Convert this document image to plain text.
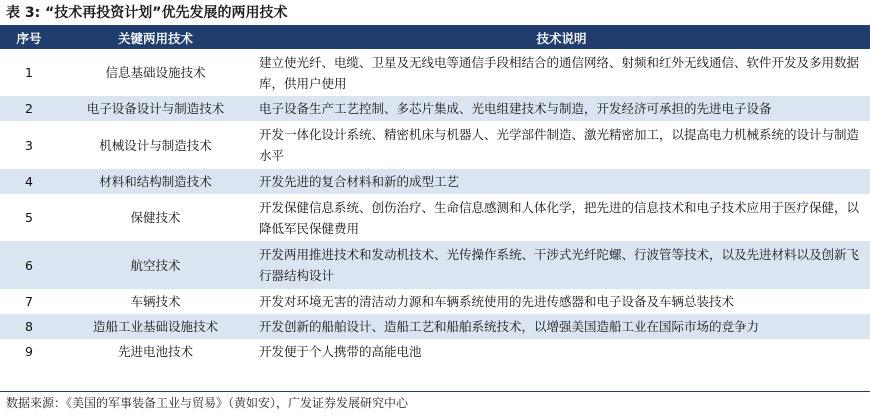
表 3: “技术再投资计划”优先发展的两用技术
序号	关键两用技术	技术说明
1	信息基础设施技术	建立使光纤、电缆、卫星及无线电等通信手段相结合的通信网络、射频和红外无线通信、软件开发及多用数据库，供用户使用
2	电子设备设计与制造技术	电子设备生产工艺控制、多芯片集成、光电组建技术与制造，开发经济可承担的先进电子设备
3	机械设计与制造技术	开发一体化设计系统、精密机床与机器人、光学部件制造、激光精密加工，以提高电力机械系统的设计与制造水平
4	材料和结构制造技术	开发先进的复合材料和新的成型工艺
5	保健技术	开发保健信息系统、创伤治疗、生命信息感测和人体化学，把先进的信息技术和电子技术应用于医疗保健，以降低军民保健费用
6	航空技术	开发两用推进技术和发动机技术、光传操作系统、干涉式光纤陀螺、行波管等技术，以及先进材料以及创新飞行器结构设计
7	车辆技术	开发对环境无害的清洁动力源和车辆系统使用的先进传感器和电子设备及车辆总装技术
8	造船工业基础设施技术	开发创新的船舶设计、造船工艺和船舶系统技术，以增强美国造船工业在国际市场的竞争力
9	先进电池技术	开发便于个人携带的高能电池
数据来源：《美国的军事装备工业与贸易》（黄如安），广发证券发展研究中心
